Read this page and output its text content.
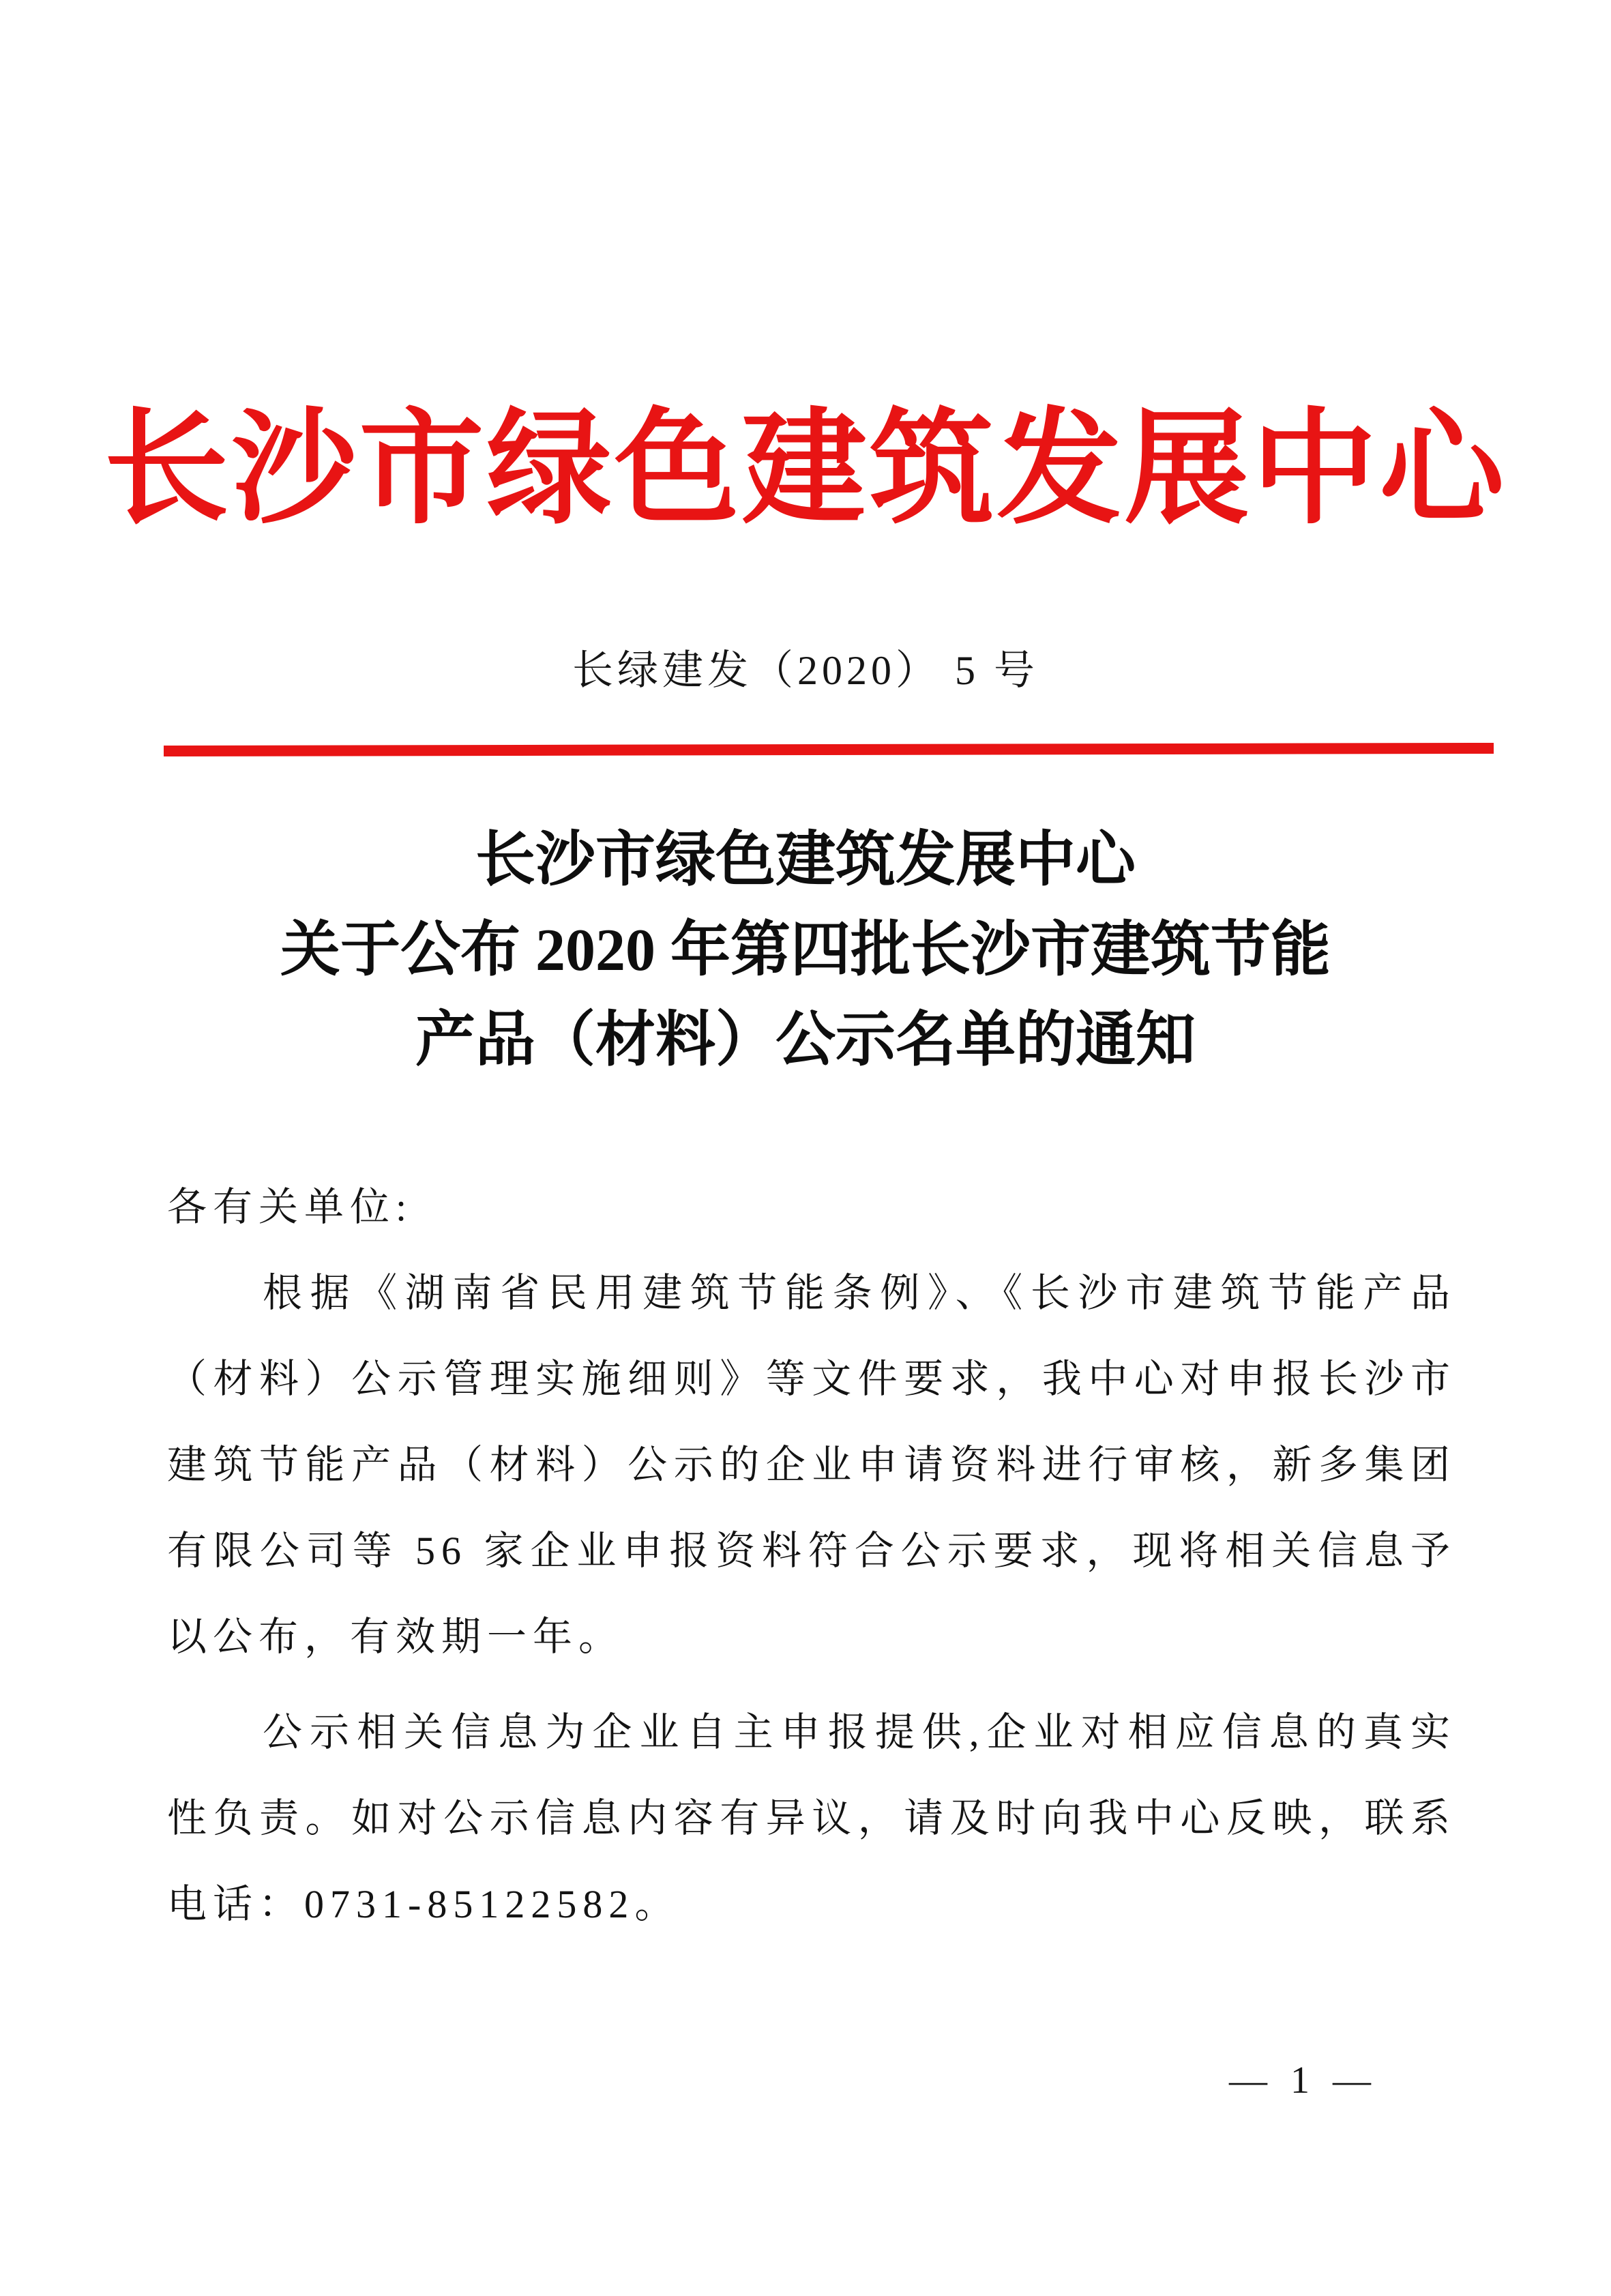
长沙市绿色建筑发展中心
长绿建发（2020） 5 号
长沙市绿色建筑发展中心
关于公布 2020 年第四批长沙市建筑节能
产品（材料）公示名单的通知
各有关单位:

根据《湖南省民用建筑节能条例》、《长沙市建筑节能产品（材料）公示管理实施细则》等文件要求，我中心对申报长沙市建筑节能产品（材料）公示的企业申请资料进行审核，新多集团有限公司等 56 家企业申报资料符合公示要求，现将相关信息予以公布，有效期一年。

公示相关信息为企业自主申报提供,企业对相应信息的真实性负责。如对公示信息内容有异议，请及时向我中心反映，联系电话：0731-85122582。

— 1 —
